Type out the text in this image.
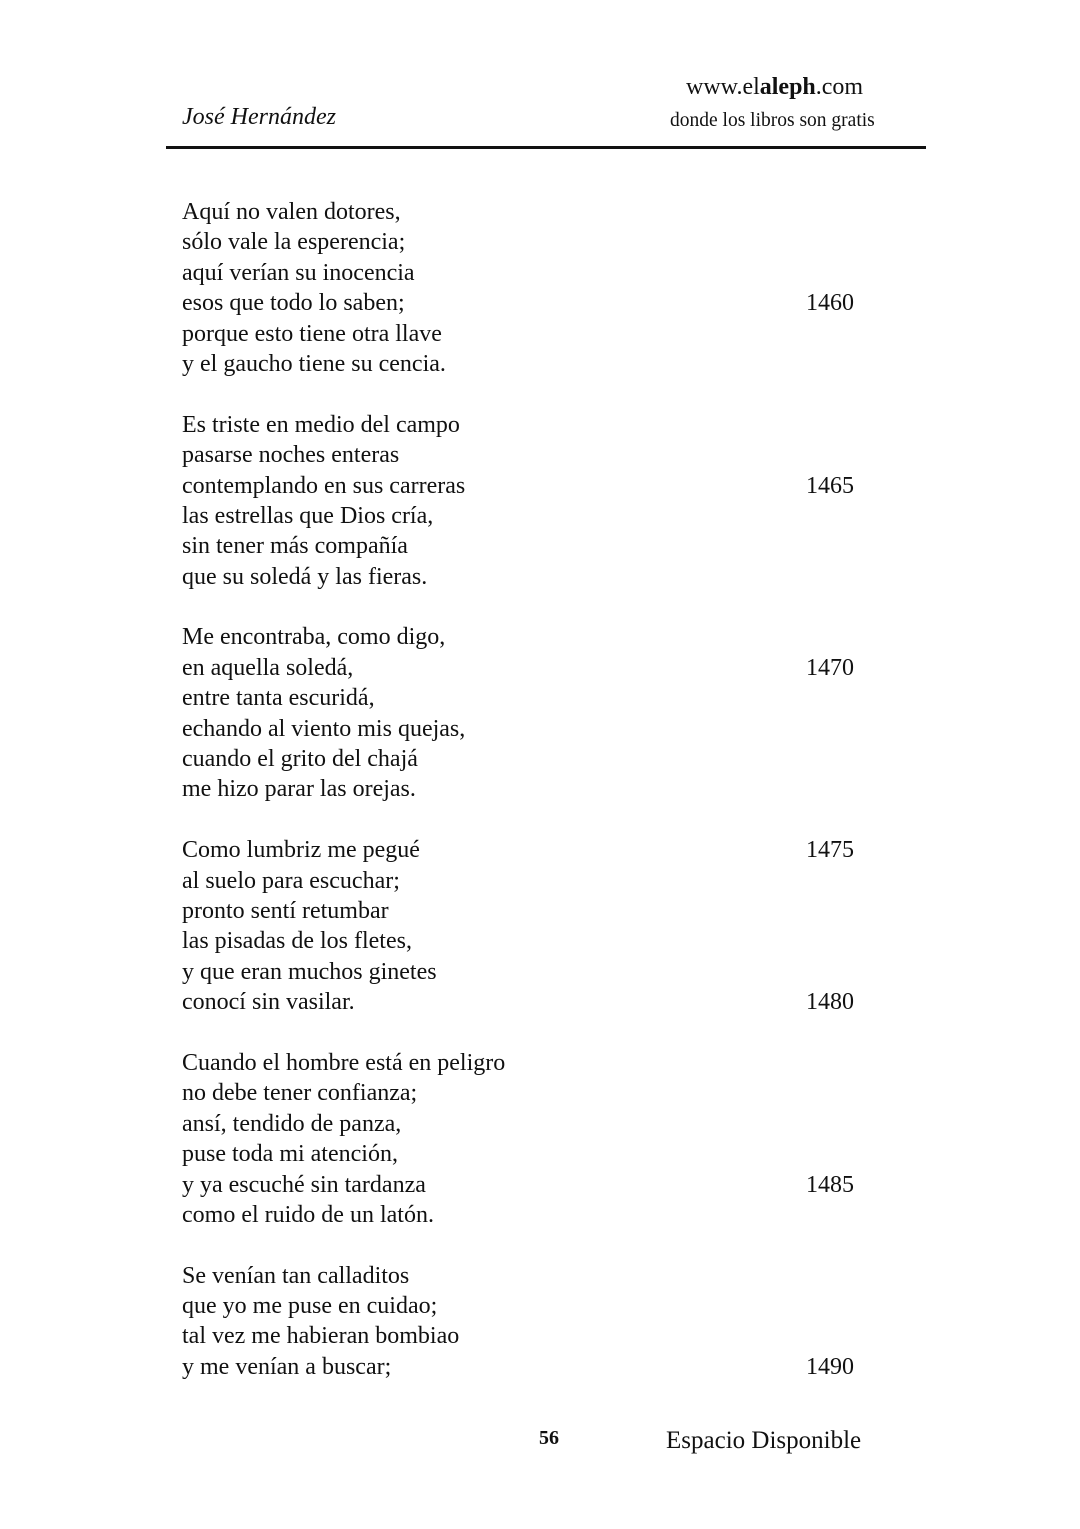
José Hernández
www.elaleph.com
donde los libros son gratis
Aquí no valen dotores,
sólo vale la esperencia;
aquí verían su inocencia
esos que todo lo saben;	1460
porque esto tiene otra llave
y el gaucho tiene su cencia.
Es triste en medio del campo
pasarse noches enteras
contemplando en sus carreras	1465
las estrellas que Dios cría,
sin tener más compañía
que su soledá y las fieras.
Me encontraba, como digo,
en aquella soledá,	1470
entre tanta escuridá,
echando al viento mis quejas,
cuando el grito del chajá
me hizo parar las orejas.
Como lumbriz me pegué	1475
al suelo para escuchar;
pronto sentí retumbar
las pisadas de los fletes,
y que eran muchos ginetes
conocí sin vasilar.	1480
Cuando el hombre está en peligro
no debe tener confianza;
ansí, tendido de panza,
puse toda mi atención,
y ya escuché sin tardanza	1485
como el ruido de un latón.
Se venían tan calladitos
que yo me puse en cuidao;
tal vez me habieran bombiao
y me venían a buscar;	1490
56	Espacio Disponible
